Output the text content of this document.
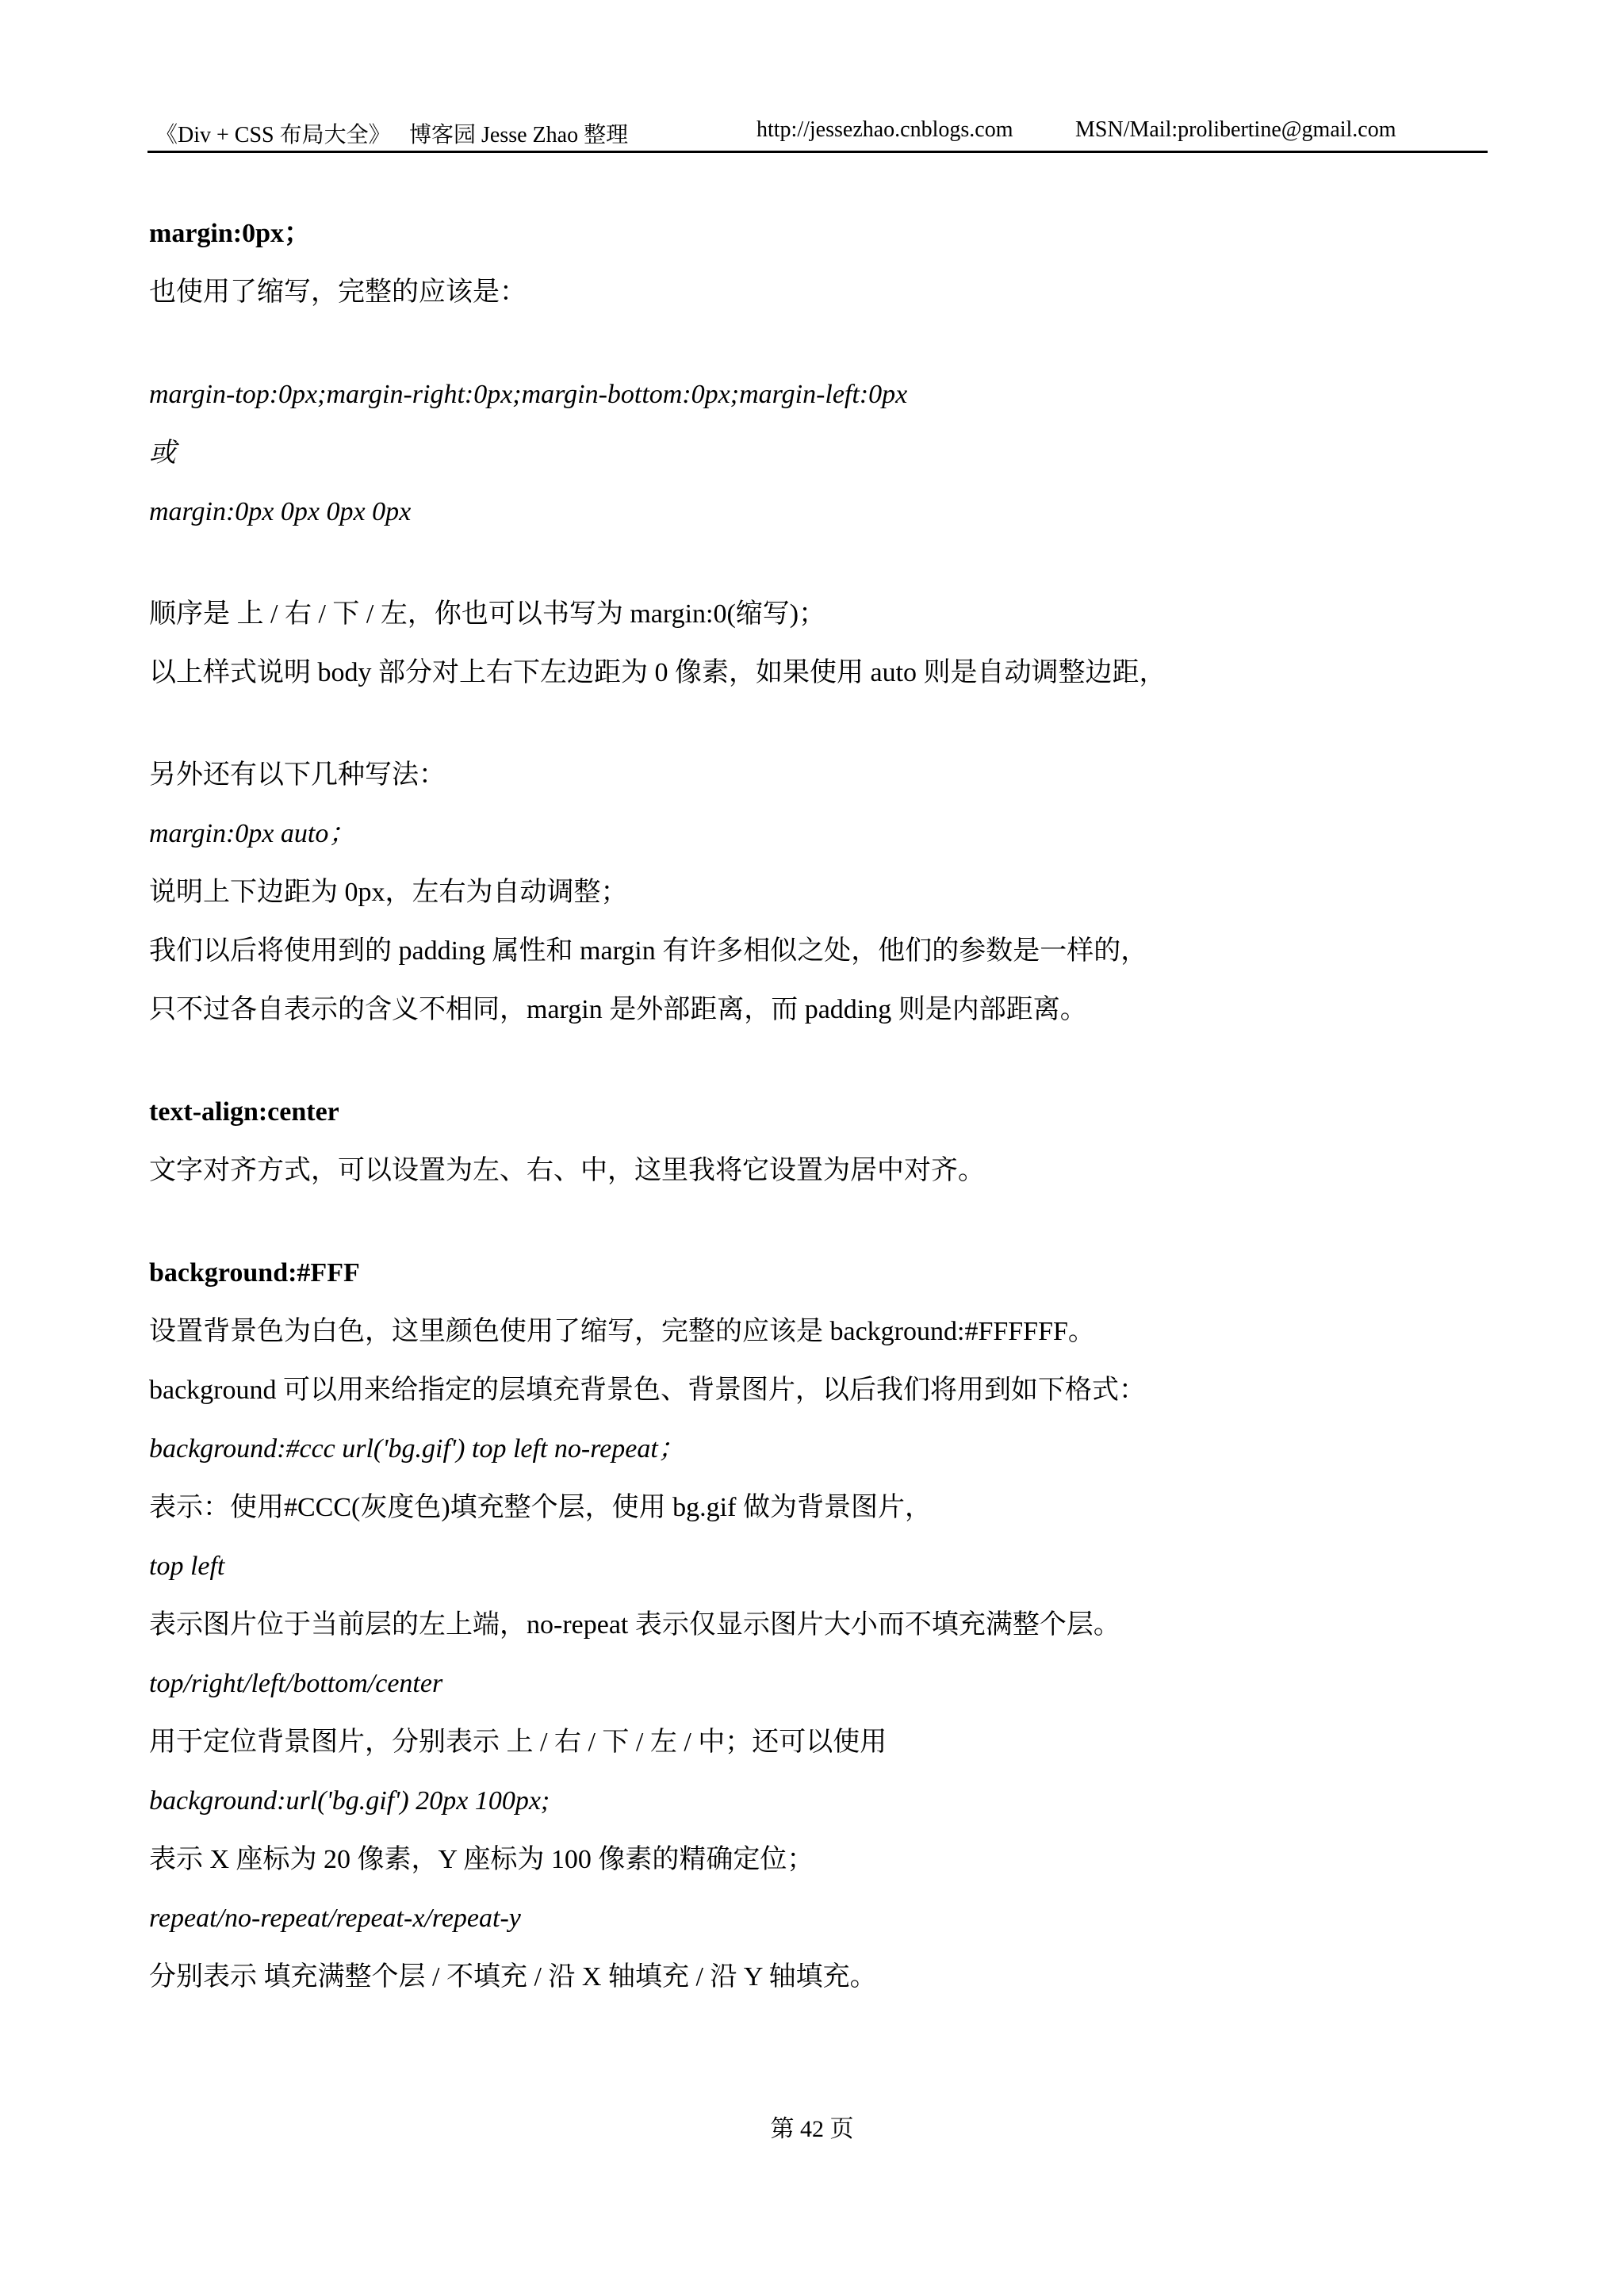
《Div + CSS 布局大全》 博客园 Jesse Zhao 整理	http://jessezhao.cnblogs.com	MSN/Mail:prolibertine@gmail.com
margin:0px；
也使用了缩写，完整的应该是：
margin-top:0px;margin-right:0px;margin-bottom:0px;margin-left:0px
或
margin:0px 0px 0px 0px
顺序是 上 / 右 / 下 / 左，你也可以书写为 margin:0(缩写)；
以上样式说明 body 部分对上右下左边距为 0 像素，如果使用 auto 则是自动调整边距，
另外还有以下几种写法：
margin:0px auto；
说明上下边距为 0px，左右为自动调整；
我们以后将使用到的 padding 属性和 margin 有许多相似之处，他们的参数是一样的，
只不过各自表示的含义不相同，margin 是外部距离，而 padding 则是内部距离。
text-align:center
文字对齐方式，可以设置为左、右、中，这里我将它设置为居中对齐。
background:#FFF
设置背景色为白色，这里颜色使用了缩写，完整的应该是 background:#FFFFFF。
background 可以用来给指定的层填充背景色、背景图片，以后我们将用到如下格式：
background:#ccc url('bg.gif') top left no-repeat；
表示：使用#CCC(灰度色)填充整个层，使用 bg.gif 做为背景图片，
top left
表示图片位于当前层的左上端，no-repeat 表示仅显示图片大小而不填充满整个层。
top/right/left/bottom/center
用于定位背景图片，分别表示 上 / 右 / 下 / 左 / 中；还可以使用
background:url('bg.gif') 20px 100px;
表示 X 座标为 20 像素，Y 座标为 100 像素的精确定位；
repeat/no-repeat/repeat-x/repeat-y
分别表示 填充满整个层 / 不填充 / 沿 X 轴填充 / 沿 Y 轴填充。
第 42 页
